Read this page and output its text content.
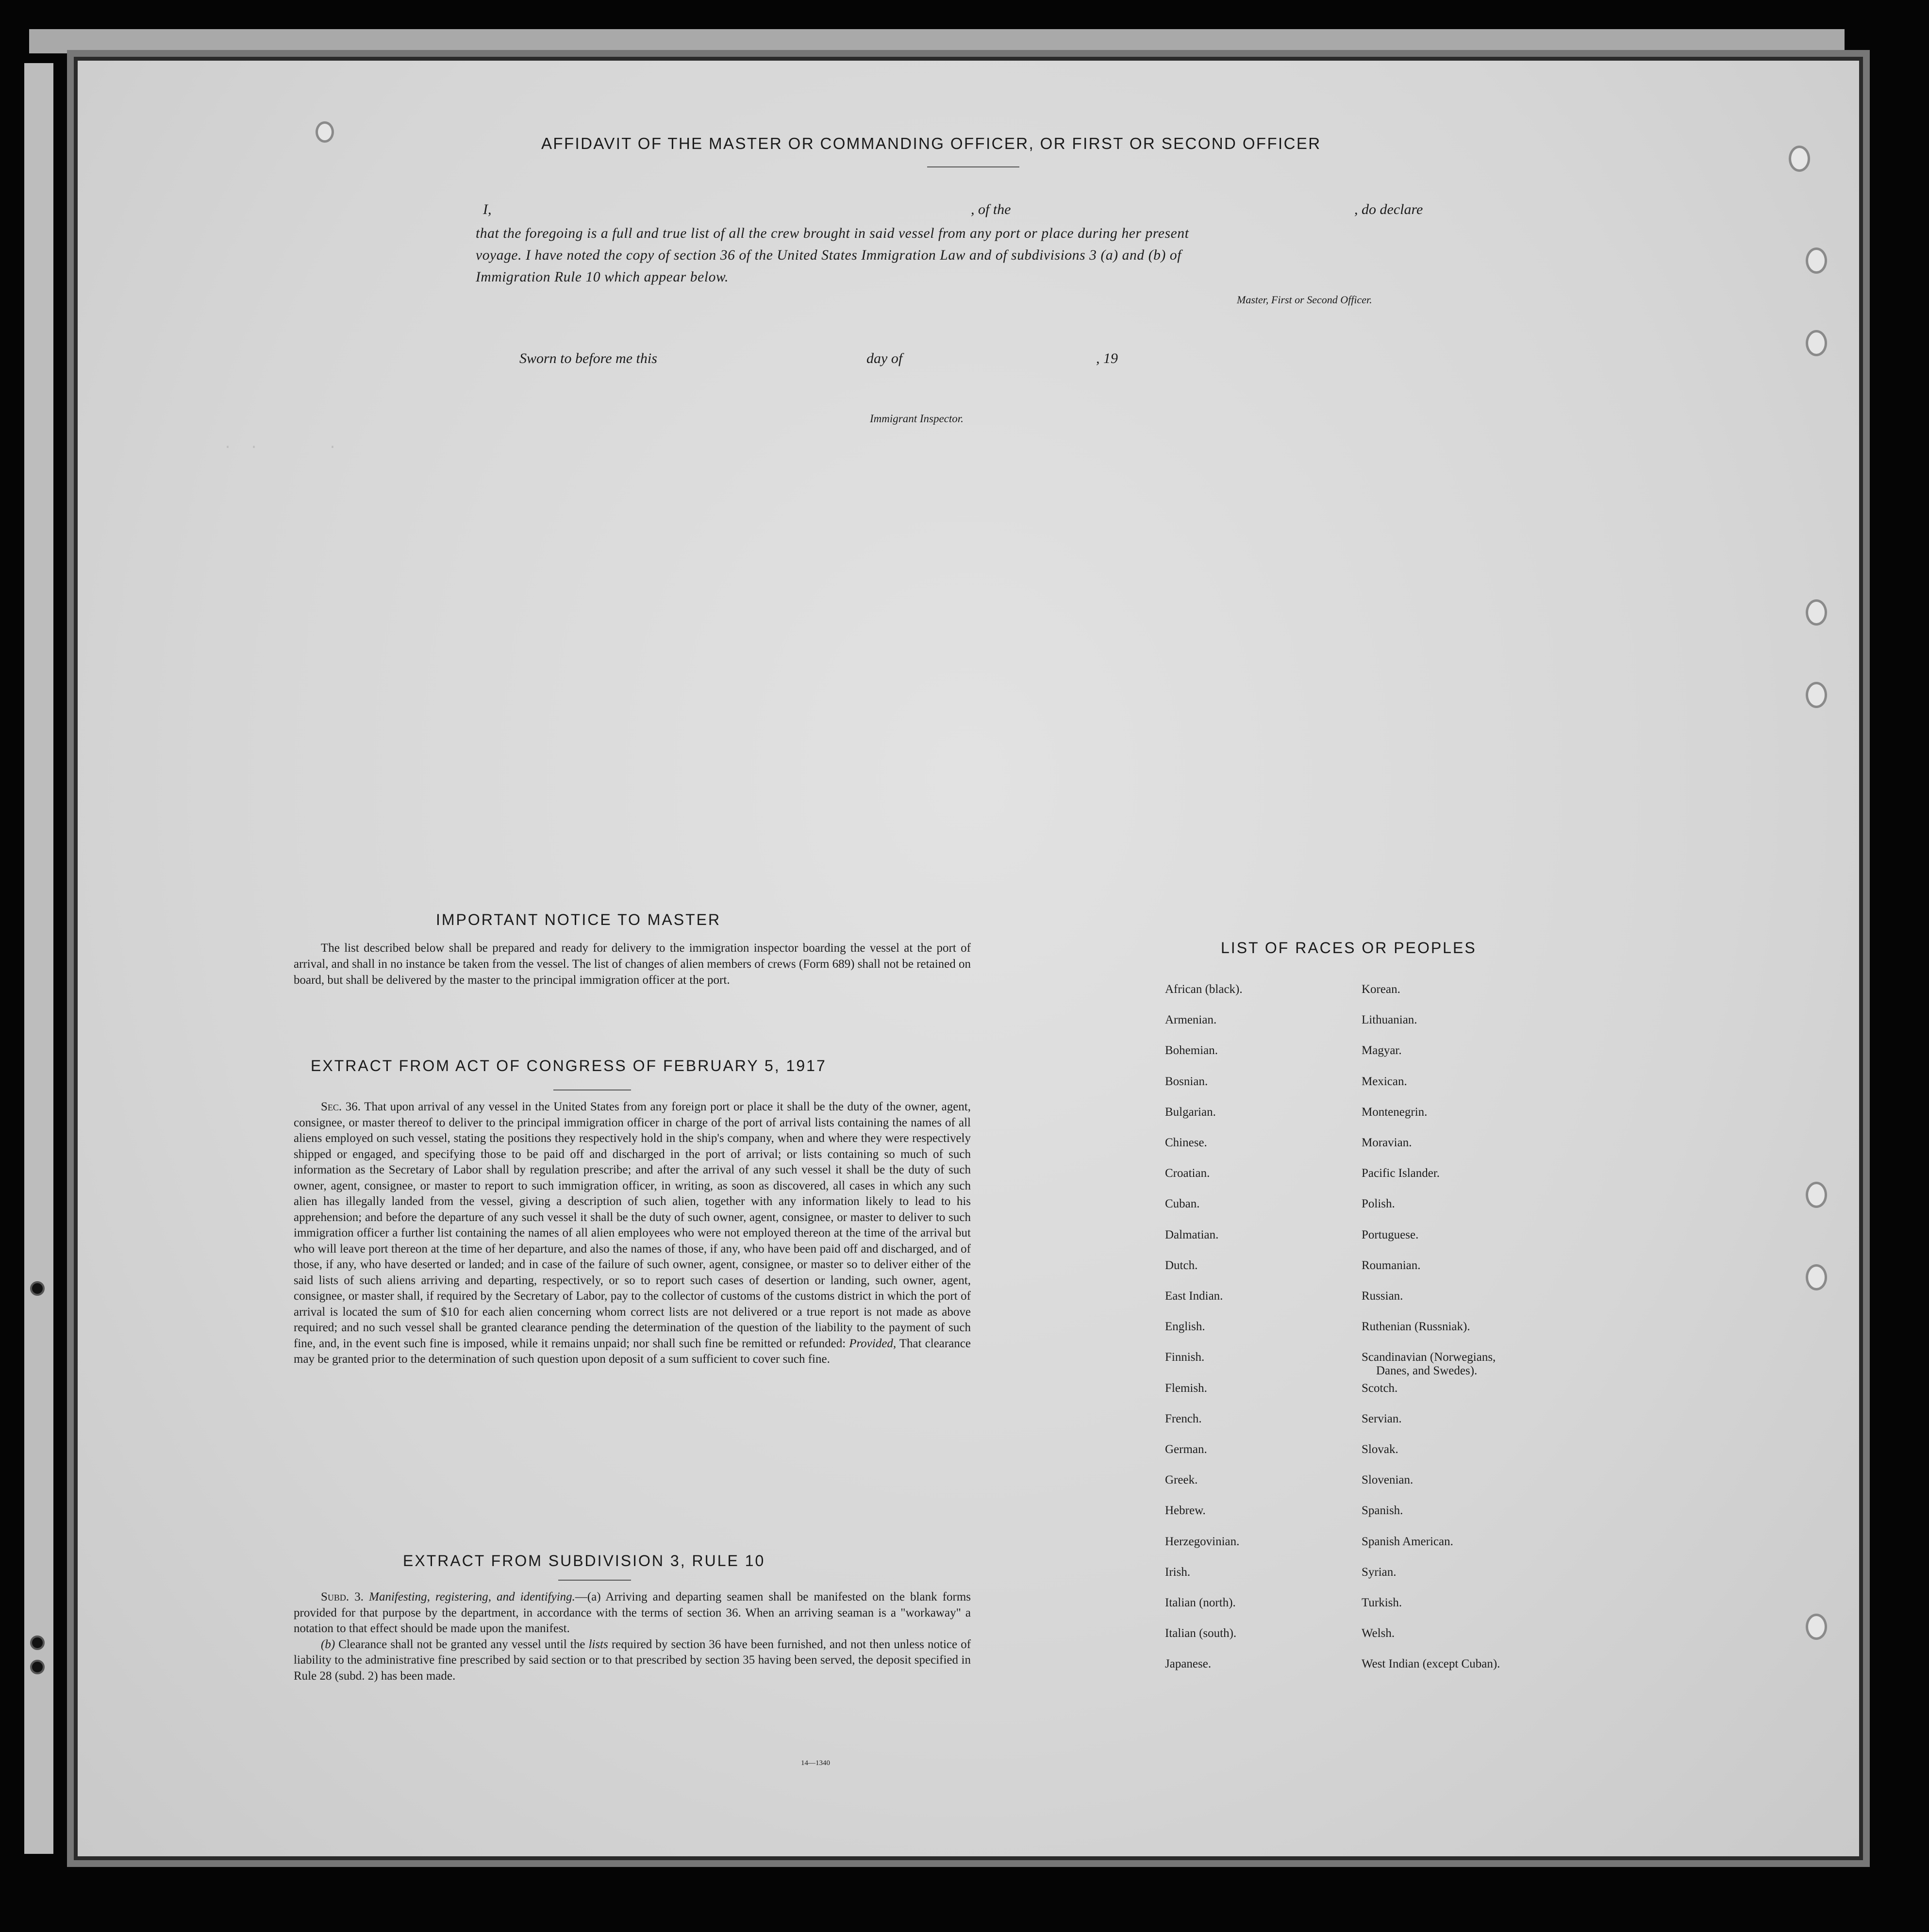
AFFIDAVIT OF THE MASTER OR COMMANDING OFFICER, OR FIRST OR SECOND OFFICER
I,	, of the	, do declare
that the foregoing is a full and true list of all the crew brought in said vessel from any port or place during her present
voyage. I have noted the copy of section 36 of the United States Immigration Law and of subdivisions 3 (a) and (b) of
Immigration Rule 10 which appear below.
Master, First or Second Officer.
Sworn to before me this	day of	, 19
Immigrant Inspector.
·  ·        ·
IMPORTANT NOTICE TO MASTER

The list described below shall be prepared and ready for delivery to the immigration inspector boarding the vessel at the port of arrival, and shall in no instance be taken from the vessel. The list of changes of alien members of crews (Form 689) shall not be retained on board, but shall be delivered by the master to the principal immigration officer at the port.

EXTRACT FROM ACT OF CONGRESS OF FEBRUARY 5, 1917

Sec. 36. That upon arrival of any vessel in the United States from any foreign port or place it shall be the duty of the owner, agent, consignee, or master thereof to deliver to the principal immigration officer in charge of the port of arrival lists containing the names of all aliens employed on such vessel, stating the positions they respectively hold in the ship's company, when and where they were respectively shipped or engaged, and specifying those to be paid off and discharged in the port of arrival; or lists containing so much of such information as the Secretary of Labor shall by regulation prescribe; and after the arrival of any such vessel it shall be the duty of such owner, agent, consignee, or master to report to such immigration officer, in writing, as soon as discovered, all cases in which any such alien has illegally landed from the vessel, giving a description of such alien, together with any information likely to lead to his apprehension; and before the departure of any such vessel it shall be the duty of such owner, agent, consignee, or master to deliver to such immigration officer a further list containing the names of all alien employees who were not employed thereon at the time of the arrival but who will leave port thereon at the time of her departure, and also the names of those, if any, who have been paid off and discharged, and of those, if any, who have deserted or landed; and in case of the failure of such owner, agent, consignee, or master so to deliver either of the said lists of such aliens arriving and departing, respectively, or so to report such cases of desertion or landing, such owner, agent, consignee, or master shall, if required by the Secretary of Labor, pay to the collector of customs of the customs district in which the port of arrival is located the sum of $10 for each alien concerning whom correct lists are not delivered or a true report is not made as above required; and no such vessel shall be granted clearance pending the determination of the question of the liability to the payment of such fine, and, in the event such fine is imposed, while it remains unpaid; nor shall such fine be remitted or refunded: Provided, That clearance may be granted prior to the determination of such question upon deposit of a sum sufficient to cover such fine.

EXTRACT FROM SUBDIVISION 3, RULE 10

Subd. 3. Manifesting, registering, and identifying.—(a) Arriving and departing seamen shall be manifested on the blank forms provided for that purpose by the department, in accordance with the terms of section 36. When an arriving seaman is a "workaway" a notation to that effect should be made upon the manifest.

(b) Clearance shall not be granted any vessel until the lists required by section 36 have been furnished, and not then unless notice of liability to the administrative fine prescribed by said section or to that prescribed by section 35 having been served, the deposit specified in Rule 28 (subd. 2) has been made.

14—1340
LIST OF RACES OR PEOPLES
African (black).
Armenian.
Bohemian.
Bosnian.
Bulgarian.
Chinese.
Croatian.
Cuban.
Dalmatian.
Dutch.
East Indian.
English.
Finnish.
Flemish.
French.
German.
Greek.
Hebrew.
Herzegovinian.
Irish.
Italian (north).
Italian (south).
Japanese.
Korean.
Lithuanian.
Magyar.
Mexican.
Montenegrin.
Moravian.
Pacific Islander.
Polish.
Portuguese.
Roumanian.
Russian.
Ruthenian (Russniak).
Scandinavian (Norwegians,
Danes, and Swedes).
Scotch.
Servian.
Slovak.
Slovenian.
Spanish.
Spanish American.
Syrian.
Turkish.
Welsh.
West Indian (except Cuban).
